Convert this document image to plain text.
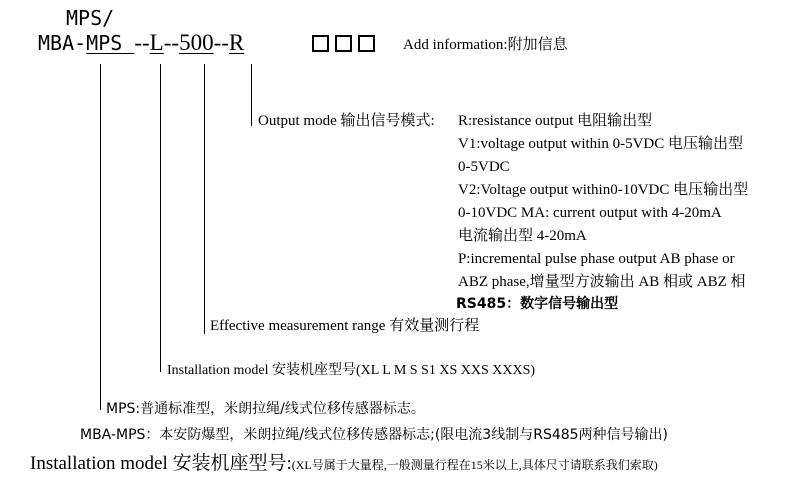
MPS/
MBA-MPS --L--500--R	Add information:附加信息
Output mode 输出信号模式: R:resistance output 电阻输出型
V1:voltage output within 0-5VDC 电压输出型
0-5VDC
V2:Voltage output within0-10VDC 电压输出型
0-10VDC MA: current output with 4-20mA
电流输出型 4-20mA
P:incremental pulse phase output AB phase or
ABZ phase,增量型方波输出 AB 相或 ABZ 相
RS485：数字信号输出型
Effective measurement range 有效量测行程
Installation model 安装机座型号(XL L M S S1 XS XXS XXXS)
MPS:普通标准型，米朗拉绳/线式位移传感器标志。
MBA-MPS：本安防爆型，米朗拉绳/线式位移传感器标志;(限电流3线制与RS485两种信号输出)
Installation model 安装机座型号:(XL号属于大量程,一般测量行程在15米以上,具体尺寸请联系我们索取)
